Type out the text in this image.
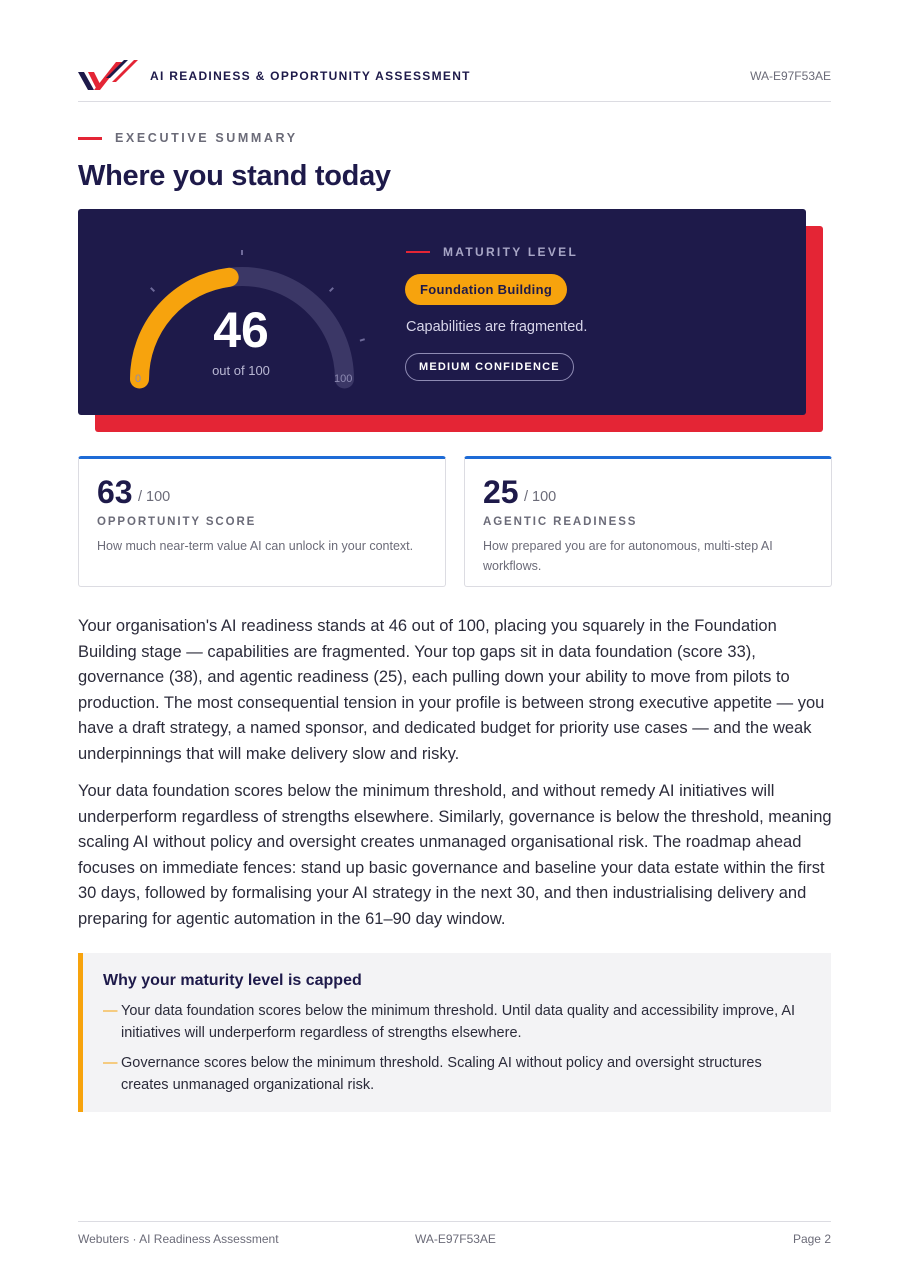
AI READINESS & OPPORTUNITY ASSESSMENT	WA-E97F53AE
EXECUTIVE SUMMARY
Where you stand today
46
out of 100
0	100
MATURITY LEVEL
Foundation Building
Capabilities are fragmented.
MEDIUM CONFIDENCE
63 / 100
OPPORTUNITY SCORE
How much near-term value AI can unlock in your context.
25 / 100
AGENTIC READINESS
How prepared you are for autonomous, multi-step AI workflows.

Your organisation's AI readiness stands at 46 out of 100, placing you squarely in the Foundation Building stage — capabilities are fragmented. Your top gaps sit in data foundation (score 33), governance (38), and agentic readiness (25), each pulling down your ability to move from pilots to production. The most consequential tension in your profile is between strong executive appetite — you have a draft strategy, a named sponsor, and dedicated budget for priority use cases — and the weak underpinnings that will make delivery slow and risky.

Your data foundation scores below the minimum threshold, and without remedy AI initiatives will underperform regardless of strengths elsewhere. Similarly, governance is below the threshold, meaning scaling AI without policy and oversight creates unmanaged organisational risk. The roadmap ahead focuses on immediate fences: stand up basic governance and baseline your data estate within the first 30 days, followed by formalising your AI strategy in the next 30, and then industrialising delivery and preparing for agentic automation in the 61–90 day window.

Why your maturity level is capped
— Your data foundation scores below the minimum threshold. Until data quality and accessibility improve, AI initiatives will underperform regardless of strengths elsewhere.
— Governance scores below the minimum threshold. Scaling AI without policy and oversight structures creates unmanaged organizational risk.
Webuters · AI Readiness Assessment	WA-E97F53AE	Page 2
